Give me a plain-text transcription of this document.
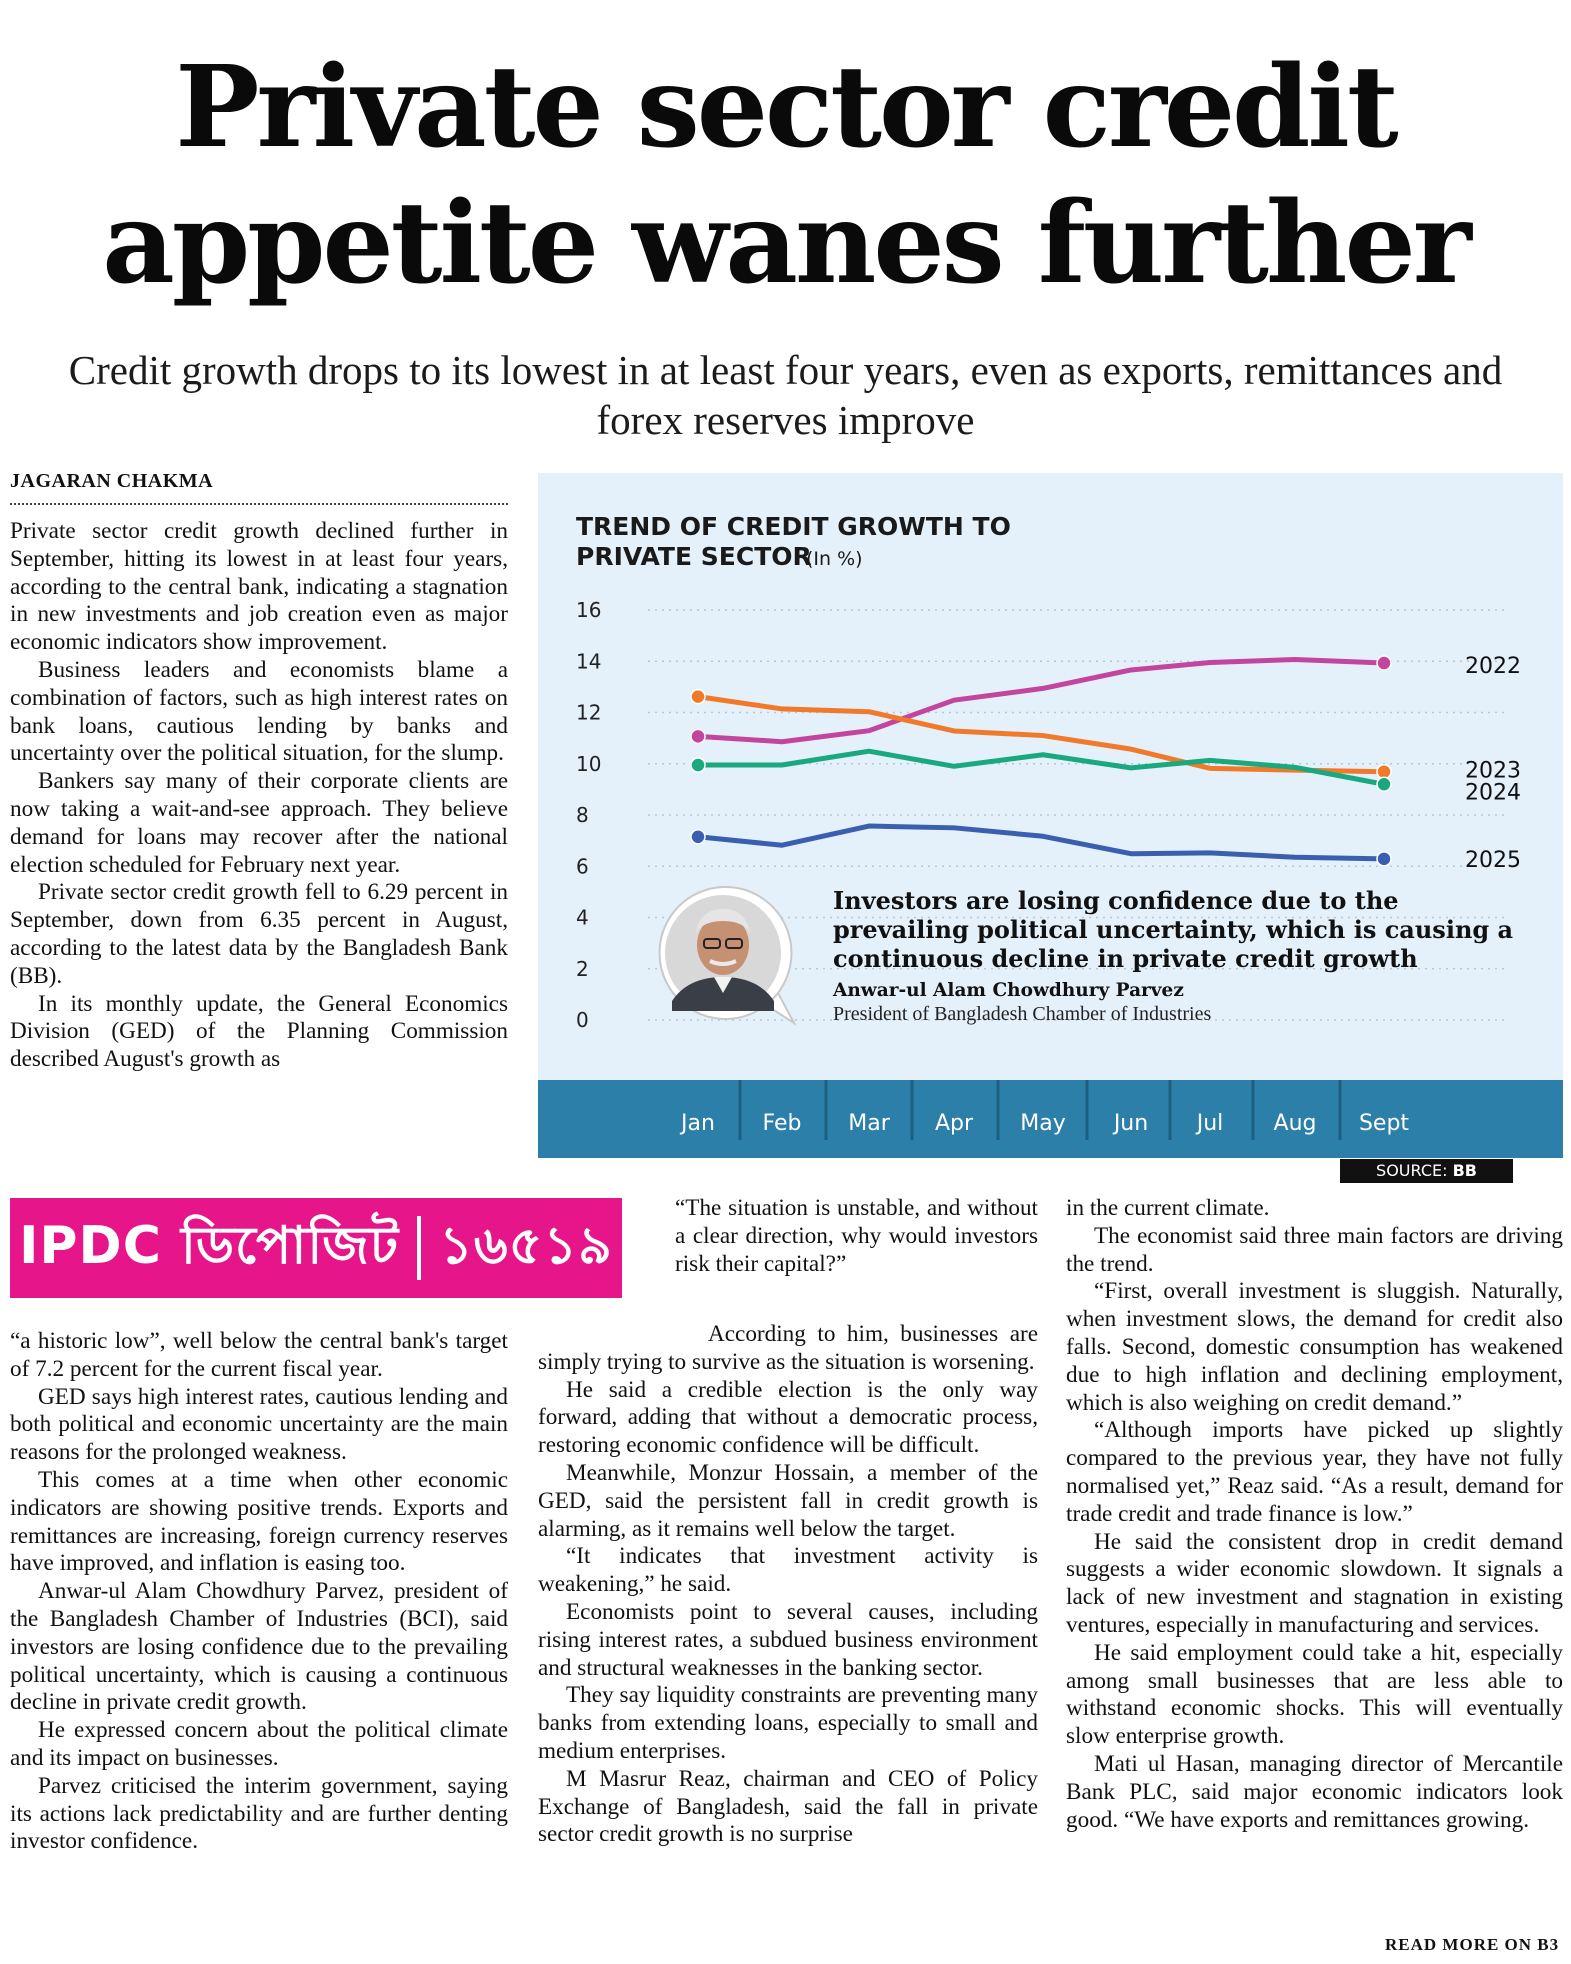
Private sector credit appetite wanes further

Credit growth drops to its lowest in at least four years, even as exports, remittances and forex reserves improve

JAGARAN CHAKMA

Private sector credit growth declined further in September, hitting its lowest in at least four years, according to the central bank, indicating a stagnation in new investments and job creation even as major economic indicators show improvement.

Business leaders and economists blame a combination of factors, such as high interest rates on bank loans, cautious lending by banks and uncertainty over the political situation, for the slump.

Bankers say many of their corporate clients are now taking a wait-and-see approach. They believe demand for loans may recover after the national election scheduled for February next year.

Private sector credit growth fell to 6.29 percent in September, down from 6.35 percent in August, according to the latest data by the Bangladesh Bank (BB).

In its monthly update, the General Economics Division (GED) of the Planning Commission described August's growth as

TREND OF CREDIT GROWTH TO
PRIVATE SECTOR
(In %)
16
14
12
10
8
6
4
2
0
2022
2023
2024
2025
Jan Feb Mar Apr May Jun Jul Aug Sept
Investors are losing confidence due to the prevailing political uncertainty, which is causing a continuous decline in private credit growth
Anwar-ul Alam Chowdhury Parvez
President of Bangladesh Chamber of Industries
SOURCE: BB
IPDC ডিপোজিট ১৬৫১৯

“a historic low”, well below the central bank's target of 7.2 percent for the current fiscal year.

GED says high interest rates, cautious lending and both political and economic uncertainty are the main reasons for the prolonged weakness.

This comes at a time when other economic indicators are showing positive trends. Exports and remittances are increasing, foreign currency reserves have improved, and inflation is easing too.

Anwar-ul Alam Chowdhury Parvez, president of the Bangladesh Chamber of Industries (BCI), said investors are losing confidence due to the prevailing political uncertainty, which is causing a continuous decline in private credit growth.

He expressed concern about the political climate and its impact on businesses.

Parvez criticised the interim government, saying its actions lack predictability and are further denting investor confidence.

“The situation is unstable, and without a clear direction, why would investors risk their capital?”

According to him, businesses are simply trying to survive as the situation is worsening.

He said a credible election is the only way forward, adding that without a democratic process, restoring economic confidence will be difficult.

Meanwhile, Monzur Hossain, a member of the GED, said the persistent fall in credit growth is alarming, as it remains well below the target.

“It indicates that investment activity is weakening,” he said.

Economists point to several causes, including rising interest rates, a subdued business environment and structural weaknesses in the banking sector.

They say liquidity constraints are preventing many banks from extending loans, especially to small and medium enterprises.

M Masrur Reaz, chairman and CEO of Policy Exchange of Bangladesh, said the fall in private sector credit growth is no surprise

in the current climate.

The economist said three main factors are driving the trend.

“First, overall investment is sluggish. Naturally, when investment slows, the demand for credit also falls. Second, domestic consumption has weakened due to high inflation and declining employment, which is also weighing on credit demand.”

“Although imports have picked up slightly compared to the previous year, they have not fully normalised yet,” Reaz said. “As a result, demand for trade credit and trade finance is low.”

He said the consistent drop in credit demand suggests a wider economic slowdown. It signals a lack of new investment and stagnation in existing ventures, especially in manufacturing and services.

He said employment could take a hit, especially among small businesses that are less able to withstand economic shocks. This will eventually slow enterprise growth.

Mati ul Hasan, managing director of Mercantile Bank PLC, said major economic indicators look good. “We have exports and remittances growing.

READ MORE ON B3
